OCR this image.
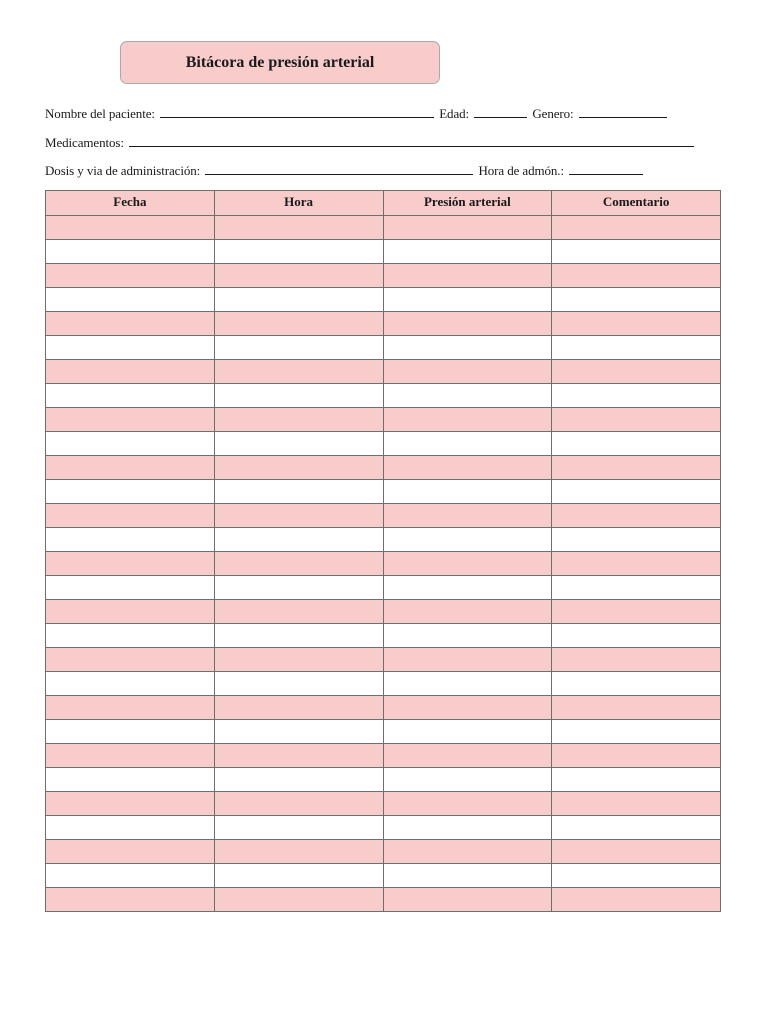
Bitácora de presión arterial
Nombre del paciente:	Edad:	Genero:
Medicamentos:
Dosis y via de administración:	Hora de admón.:
Fecha	Hora	Presión arterial	Comentario
